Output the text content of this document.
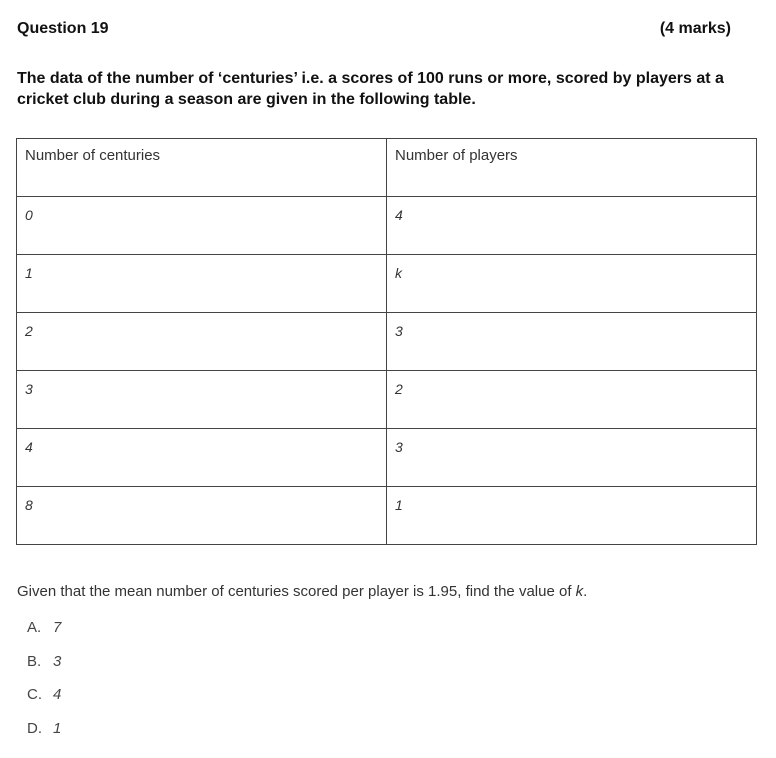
Question 19	(4 marks)
The data of the number of ‘centuries’ i.e. a scores of 100 runs or more, scored by players at a cricket club during a season are given in the following table.
Number of centuries	Number of players
0	4
1	k
2	3
3	2
4	3
8	1
Given that the mean number of centuries scored per player is 1.95, find the value of k.
A. 7
B. 3
C. 4
D. 1
